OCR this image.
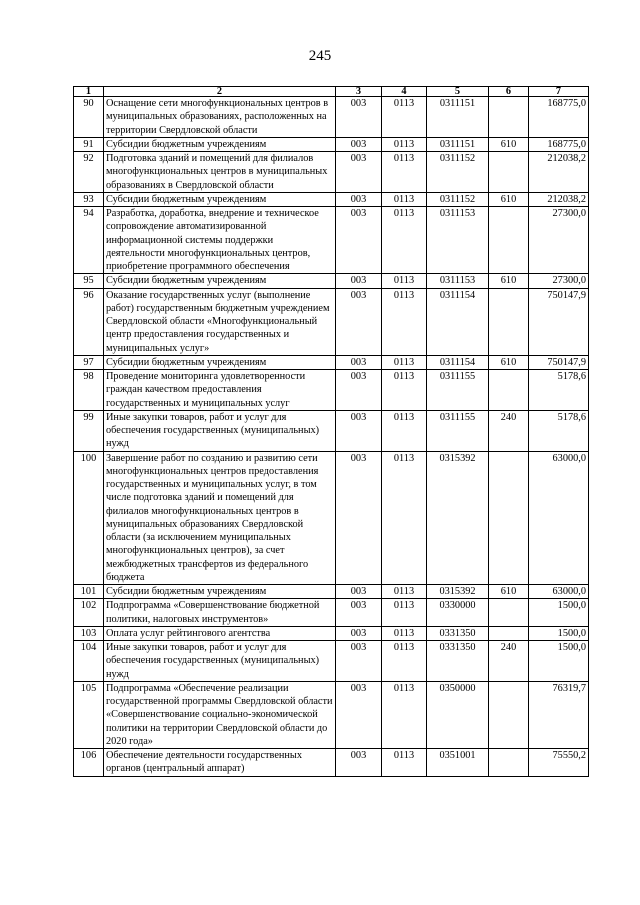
245
1	2	3	4	5	6	7
90	Оснащение сети многофункциональных центров в муниципальных образованиях, расположенных на территории Свердловской области	003	0113	0311151		168775,0
91	Субсидии бюджетным учреждениям	003	0113	0311151	610	168775,0
92	Подготовка зданий и помещений для филиалов многофункциональных центров в муниципальных образованиях в Свердловской области	003	0113	0311152		212038,2
93	Субсидии бюджетным учреждениям	003	0113	0311152	610	212038,2
94	Разработка, доработка, внедрение и техническое сопровождение автоматизированной информационной системы поддержки деятельности многофункциональных центров, приобретение программного обеспечения	003	0113	0311153		27300,0
95	Субсидии бюджетным учреждениям	003	0113	0311153	610	27300,0
96	Оказание государственных услуг (выполнение работ) государственным бюджетным учреждением Свердловской области «Многофункциональный центр предоставления государственных и муниципальных услуг»	003	0113	0311154		750147,9
97	Субсидии бюджетным учреждениям	003	0113	0311154	610	750147,9
98	Проведение мониторинга удовлетворенности граждан качеством предоставления государственных и муниципальных услуг	003	0113	0311155		5178,6
99	Иные закупки товаров, работ и услуг для обеспечения государственных (муниципальных) нужд	003	0113	0311155	240	5178,6
100	Завершение работ по созданию и развитию сети многофункциональных центров предоставления государственных и муниципальных услуг, в том числе подготовка зданий и помещений для филиалов многофункциональных центров в муниципальных образованиях Свердловской области (за исключением муниципальных многофункциональных центров), за счет межбюджетных трансфертов из федерального бюджета	003	0113	0315392		63000,0
101	Субсидии бюджетным учреждениям	003	0113	0315392	610	63000,0
102	Подпрограмма «Совершенствование бюджетной политики, налоговых инструментов»	003	0113	0330000		1500,0
103	Оплата услуг рейтингового агентства	003	0113	0331350		1500,0
104	Иные закупки товаров, работ и услуг для обеспечения государственных (муниципальных) нужд	003	0113	0331350	240	1500,0
105	Подпрограмма «Обеспечение реализации государственной программы Свердловской области «Совершенствование социально-экономической политики на территории Свердловской области до 2020 года»	003	0113	0350000		76319,7
106	Обеспечение деятельности государственных органов (центральный аппарат)	003	0113	0351001		75550,2
